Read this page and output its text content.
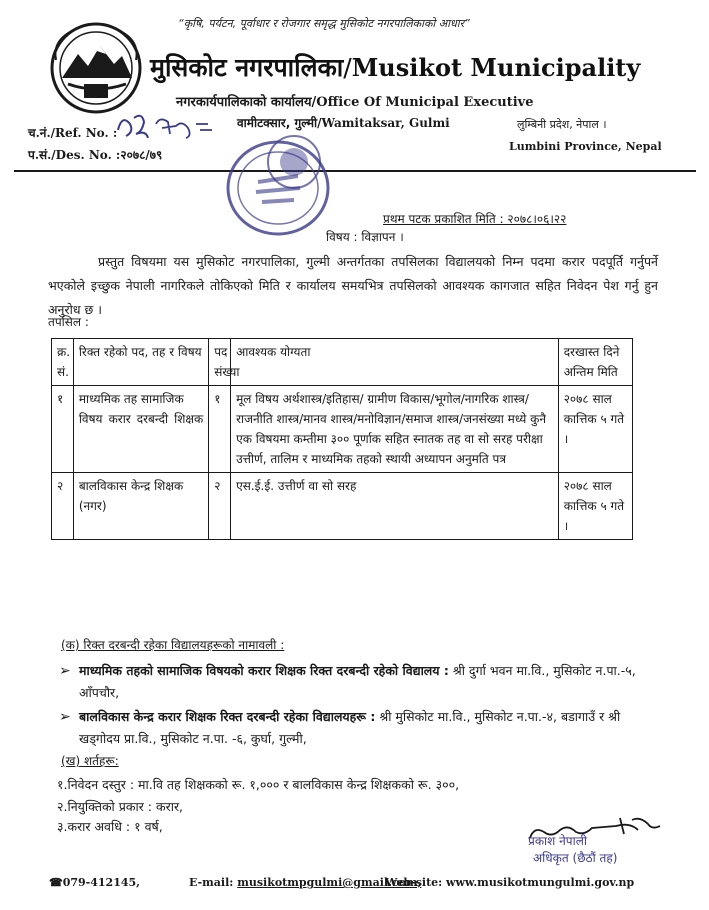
“कृषि, पर्यटन, पूर्वाधार र रोजगार समृद्ध मुसिकोट नगरपालिकाको आधार”
मुसिकोट नगरपालिका/Musikot Municipality
नगरकार्यपालिकाको कार्यालय/Office Of Municipal Executive
वामीटक्सार, गुल्मी/Wamitaksar, Gulmi	लुम्बिनी प्रदेश, नेपाल ।
Lumbini Province, Nepal
च.नं./Ref. No. :
प.सं./Des. No. :२०७८/७९
प्रथम पटक प्रकाशित मिति : २०७८।०६।२२
विषय : विज्ञापन ।
प्रस्तुत विषयमा यस मुसिकोट नगरपालिका, गुल्मी अन्तर्गतका तपसिलका विद्यालयको निम्न पदमा करार पदपूर्ति गर्नुपर्ने भएकोले इच्छुक नेपाली नागरिकले तोकिएको मिति र कार्यालय समयभित्र तपसिलको आवश्यक कागजात सहित निवेदन पेश गर्नु हुन अनुरोध छ ।
तपसिल :
क्र. सं.	रिक्त रहेको पद, तह र विषय	पद संख्या	आवश्यक योग्यता	दरखास्त दिने अन्तिम मिति
१	माध्यमिक तह सामाजिक विषय करार दरबन्दी शिक्षक	१	मूल विषय अर्थशास्त्र/इतिहास/ ग्रामीण विकास/भूगोल/नागरिक शास्त्र/राजनीति शास्त्र/मानव शास्त्र/मनोविज्ञान/समाज शास्त्र/जनसंख्या मध्ये कुनै एक विषयमा कम्तीमा ३०० पूर्णाक सहित स्नातक तह वा सो सरह परीक्षा उत्तीर्ण, तालिम र माध्यमिक तहको स्थायी अध्यापन अनुमति पत्र	२०७८ साल कात्तिक ५ गते ।
२	बालविकास केन्द्र शिक्षक (नगर)	२	एस.ई.ई. उत्तीर्ण वा सो सरह	२०७८ साल कात्तिक ५ गते ।
(क) रिक्त दरबन्दी रहेका विद्यालयहरूको नामावली :
➢ माध्यमिक तहको सामाजिक विषयको करार शिक्षक रिक्त दरबन्दी रहेको विद्यालय : श्री दुर्गा भवन मा.वि., मुसिकोट न.पा.-५, आँपचौर,
➢ बालविकास केन्द्र करार शिक्षक रिक्त दरबन्दी रहेका विद्यालयहरू : श्री मुसिकोट मा.वि., मुसिकोट न.पा.-४, बडागाउँ र श्री खड्गोदय प्रा.वि., मुसिकोट न.पा. -६, कुर्घा, गुल्मी,
(ख) शर्तहरू:
१.निवेदन दस्तुर : मा.वि तह शिक्षकको रू. १,००० र बालविकास केन्द्र शिक्षकको रू. ३००,
२.नियुक्तिको प्रकार : करार,
३.करार अवधि : १ वर्ष,
प्रकाश नेपाली
अधिकृत (छैठौं तह)
☎079-412145,	E-mail: musikotmpgulmi@gmail.com,
Web-site: www.musikotmungulmi.gov.np
